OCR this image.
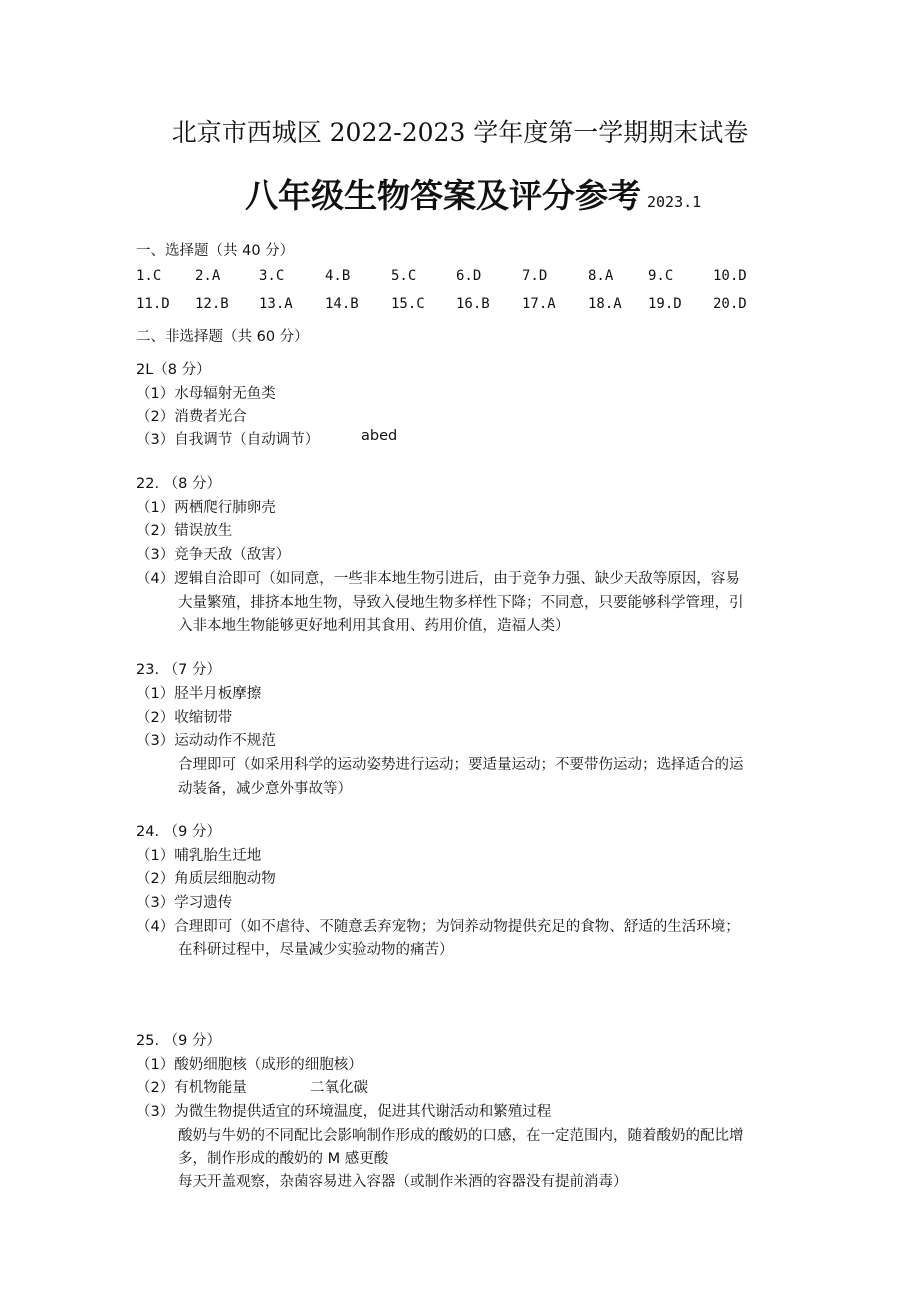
北京市西城区 2022-2023 学年度第一学期期末试卷
八年级生物答案及评分参考 2023.1
一、选择题（共 40 分）
1.C 2.A	3.C	4.B	5.C	6.D	7.D	8.A 9.C	10.D
11.D 12.B 13.A 14.B 15.C 16.B 17.A 18.A 19.D 20.D
二、非选择题（共 60 分）
2L（8 分）
（1）水母辐射无鱼类
（2）消费者光合
（3）自我调节（自动调节）	abed
22. （8 分）
（1）两栖爬行肺卵壳
（2）错误放生
（3）竞争天敌（敌害）
（4）逻辑自洽即可（如同意，一些非本地生物引进后，由于竞争力强、缺少天敌等原因，容易
大量繁殖，排挤本地生物，导致入侵地生物多样性下降；不同意，只要能够科学管理，引
入非本地生物能够更好地利用其食用、药用价值，造福人类）
23. （7 分）
（1）胫半月板摩擦
（2）收缩韧带
（3）运动动作不规范
合理即可（如采用科学的运动姿势进行运动；要适量运动；不要带伤运动；选择适合的运
动装备，减少意外事故等）
24. （9 分）
（1）哺乳胎生迁地
（2）角质层细胞动物
（3）学习遗传
（4）合理即可（如不虐待、不随意丢弃宠物；为饲养动物提供充足的食物、舒适的生活环境；
在科研过程中，尽量减少实验动物的痛苦）
25. （9 分）
（1）酸奶细胞核（成形的细胞核）
（2）有机物能量	二氧化碳
（3）为微生物提供适宜的环境温度，促进其代谢活动和繁殖过程
酸奶与牛奶的不同配比会影响制作形成的酸奶的口感，在一定范围内，随着酸奶的配比增
多，制作形成的酸奶的 M 感更酸
每天开盖观察，杂菌容易进入容器（或制作米酒的容器没有提前消毒）
